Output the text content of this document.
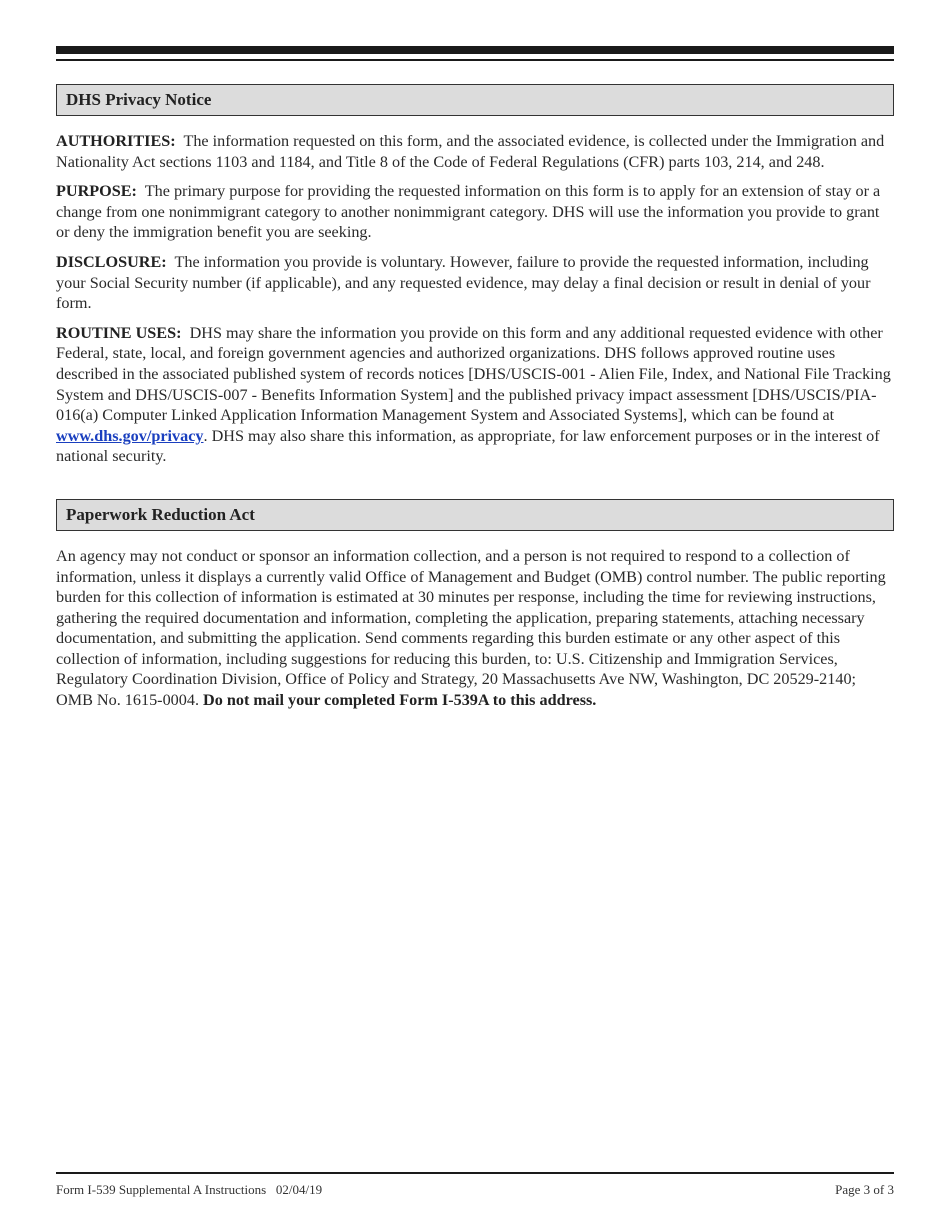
DHS Privacy Notice

AUTHORITIES: The information requested on this form, and the associated evidence, is collected under the Immigration and Nationality Act sections 1103 and 1184, and Title 8 of the Code of Federal Regulations (CFR) parts 103, 214, and 248.

PURPOSE: The primary purpose for providing the requested information on this form is to apply for an extension of stay or a change from one nonimmigrant category to another nonimmigrant category. DHS will use the information you provide to grant or deny the immigration benefit you are seeking.

DISCLOSURE: The information you provide is voluntary. However, failure to provide the requested information, including your Social Security number (if applicable), and any requested evidence, may delay a final decision or result in denial of your form.

ROUTINE USES: DHS may share the information you provide on this form and any additional requested evidence with other Federal, state, local, and foreign government agencies and authorized organizations. DHS follows approved routine uses described in the associated published system of records notices [DHS/USCIS-001 - Alien File, Index, and National File Tracking System and DHS/USCIS-007 - Benefits Information System] and the published privacy impact assessment [DHS/USCIS/PIA-016(a) Computer Linked Application Information Management System and Associated Systems], which can be found at www.dhs.gov/privacy. DHS may also share this information, as appropriate, for law enforcement purposes or in the interest of national security.

Paperwork Reduction Act

An agency may not conduct or sponsor an information collection, and a person is not required to respond to a collection of information, unless it displays a currently valid Office of Management and Budget (OMB) control number. The public reporting burden for this collection of information is estimated at 30 minutes per response, including the time for reviewing instructions, gathering the required documentation and information, completing the application, preparing statements, attaching necessary documentation, and submitting the application. Send comments regarding this burden estimate or any other aspect of this collection of information, including suggestions for reducing this burden, to: U.S. Citizenship and Immigration Services, Regulatory Coordination Division, Office of Policy and Strategy, 20 Massachusetts Ave NW, Washington, DC 20529-2140; OMB No. 1615-0004. Do not mail your completed Form I-539A to this address.

Form I-539 Supplemental A Instructions   02/04/19	Page 3 of 3
